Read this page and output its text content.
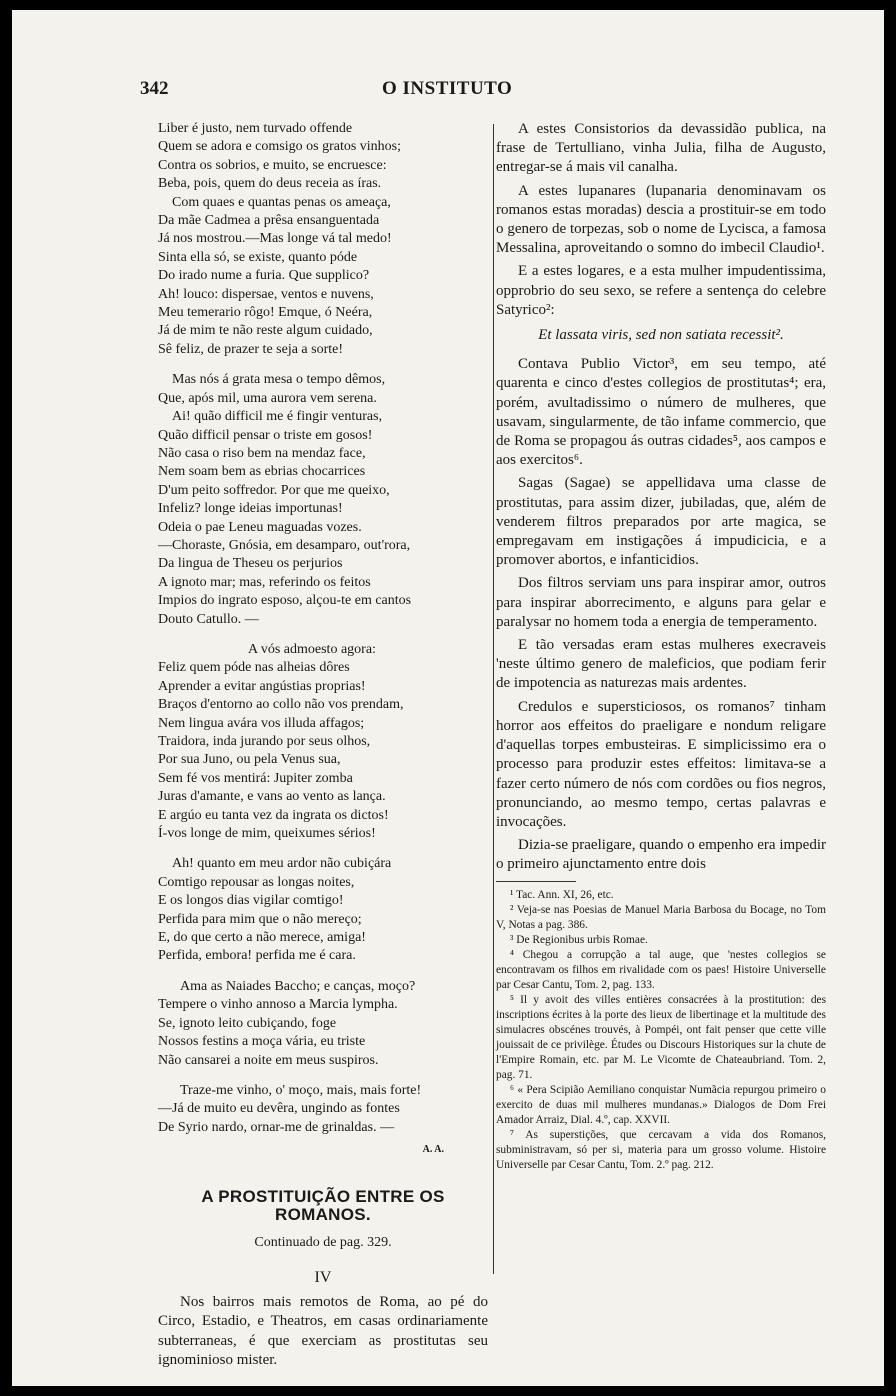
342	O INSTITUTO
Liber é justo, nem turvado offende
Quem se adora e comsigo os gratos vinhos;
Contra os sobrios, e muito, se encruesce:
Beba, pois, quem do deus receia as íras.
Com quaes e quantas penas os ameaça,
Da mãe Cadmea a prêsa ensanguentada
Já nos mostrou.—Mas longe vá tal medo!
Sinta ella só, se existe, quanto póde
Do irado nume a furia. Que supplico?
Ah! louco: dispersae, ventos e nuvens,
Meu temerario rôgo! Emque, ó Neéra,
Já de mim te não reste algum cuidado,
Sê feliz, de prazer te seja a sorte!
Mas nós á grata mesa o tempo dêmos,
Que, após mil, uma aurora vem serena.
Ai! quão difficil me é fingir venturas,
Quão difficil pensar o triste em gosos!
Não casa o riso bem na mendaz face,
Nem soam bem as ebrias chocarrices
D'um peito soffredor. Por que me queixo,
Infeliz? longe ideias importunas!
Odeia o pae Leneu maguadas vozes.
—Choraste, Gnósia, em desamparo, out'rora,
Da lingua de Theseu os perjurios
A ignoto mar; mas, referindo os feitos
Impios do ingrato esposo, alçou-te em cantos
Douto Catullo. —
A vós admoesto agora:
Feliz quem póde nas alheias dôres
Aprender a evitar angústias proprias!
Braços d'entorno ao collo não vos prendam,
Nem lingua avára vos illuda affagos;
Traidora, inda jurando por seus olhos,
Por sua Juno, ou pela Venus sua,
Sem fé vos mentirá: Jupiter zomba
Juras d'amante, e vans ao vento as lança.
E argúo eu tanta vez da ingrata os dictos!
Í-vos longe de mim, queixumes sérios!
Ah! quanto em meu ardor não cubiçára
Comtigo repousar as longas noites,
E os longos dias vigilar comtigo!
Perfida para mim que o não mereço;
E, do que certo a não merece, amiga!
Perfida, embora! perfida me é cara.
Ama as Naiades Baccho; e canças, moço?
Tempere o vinho annoso a Marcia lympha.
Se, ignoto leito cubiçando, foge
Nossos festins a moça vária, eu triste
Não cansarei a noite em meus suspiros.
Traze-me vinho, o' moço, mais, mais forte!
—Já de muito eu devêra, ungindo as fontes
De Syrio nardo, ornar-me de grinaldas. —
A. A.
A PROSTITUIÇÃO ENTRE OS ROMANOS.
Continuado de pag. 329.
IV

Nos bairros mais remotos de Roma, ao pé do Circo, Estadio, e Theatros, em casas ordinariamente subterraneas, é que exerciam as prostitutas seu ignominioso mister.

A estes Consistorios da devassidão publica, na frase de Tertulliano, vinha Julia, filha de Augusto, entregar-se á mais vil canalha.

A estes lupanares (lupanaria denominavam os romanos estas moradas) descia a prostituir-se em todo o genero de torpezas, sob o nome de Lycisca, a famosa Messalina, aproveitando o somno do imbecil Claudio¹.

E a estes logares, e a esta mulher impudentissima, opprobrio do seu sexo, se refere a sentença do celebre Satyrico²:

Et lassata viris, sed non satiata recessit².

Contava Publio Victor³, em seu tempo, até quarenta e cinco d'estes collegios de prostitutas⁴; era, porém, avultadissimo o número de mulheres, que usavam, singularmente, de tão infame commercio, que de Roma se propagou ás outras cidades⁵, aos campos e aos exercitos⁶.

Sagas (Sagae) se appellidava uma classe de prostitutas, para assim dizer, jubiladas, que, além de venderem filtros preparados por arte magica, se empregavam em instigações á impudicicia, e a promover abortos, e infanticidios.

Dos filtros serviam uns para inspirar amor, outros para inspirar aborrecimento, e alguns para gelar e paralysar no homem toda a energia de temperamento.

E tão versadas eram estas mulheres execraveis 'neste último genero de maleficios, que podiam ferir de impotencia as naturezas mais ardentes.

Credulos e supersticiosos, os romanos⁷ tinham horror aos effeitos do praeligare e nondum religare d'aquellas torpes embusteiras. E simplicissimo era o processo para produzir estes effeitos: limitava-se a fazer certo número de nós com cordões ou fios negros, pronunciando, ao mesmo tempo, certas palavras e invocações.

Dizia-se praeligare, quando o empenho era impedir o primeiro ajunctamento entre dois

¹ Tac. Ann. XI, 26, etc.

² Veja-se nas Poesias de Manuel Maria Barbosa du Bocage, no Tom V, Notas a pag. 386.

³ De Regionibus urbis Romae.

⁴ Chegou a corrupção a tal auge, que 'nestes collegios se encontravam os filhos em rivalidade com os paes! Histoire Universelle par Cesar Cantu, Tom. 2, pag. 133.

⁵ Il y avoit des villes entières consacrées à la prostitution: des inscriptions écrites à la porte des lieux de libertinage et la multitude des simulacres obscénes trouvés, à Pompéi, ont fait penser que cette ville jouissait de ce privilège. Études ou Discours Historiques sur la chute de l'Empire Romain, etc. par M. Le Vicomte de Chateaubriand. Tom. 2, pag. 71.

⁶ « Pera Scipião Aemiliano conquistar Numãcia repurgou primeiro o exercito de duas mil mulheres mundanas.» Dialogos de Dom Frei Amador Arraiz, Dial. 4.º, cap. XXVII.

⁷ As superstições, que cercavam a vida dos Romanos, subministravam, só per si, materia para um grosso volume. Histoire Universelle par Cesar Cantu, Tom. 2.º pag. 212.
